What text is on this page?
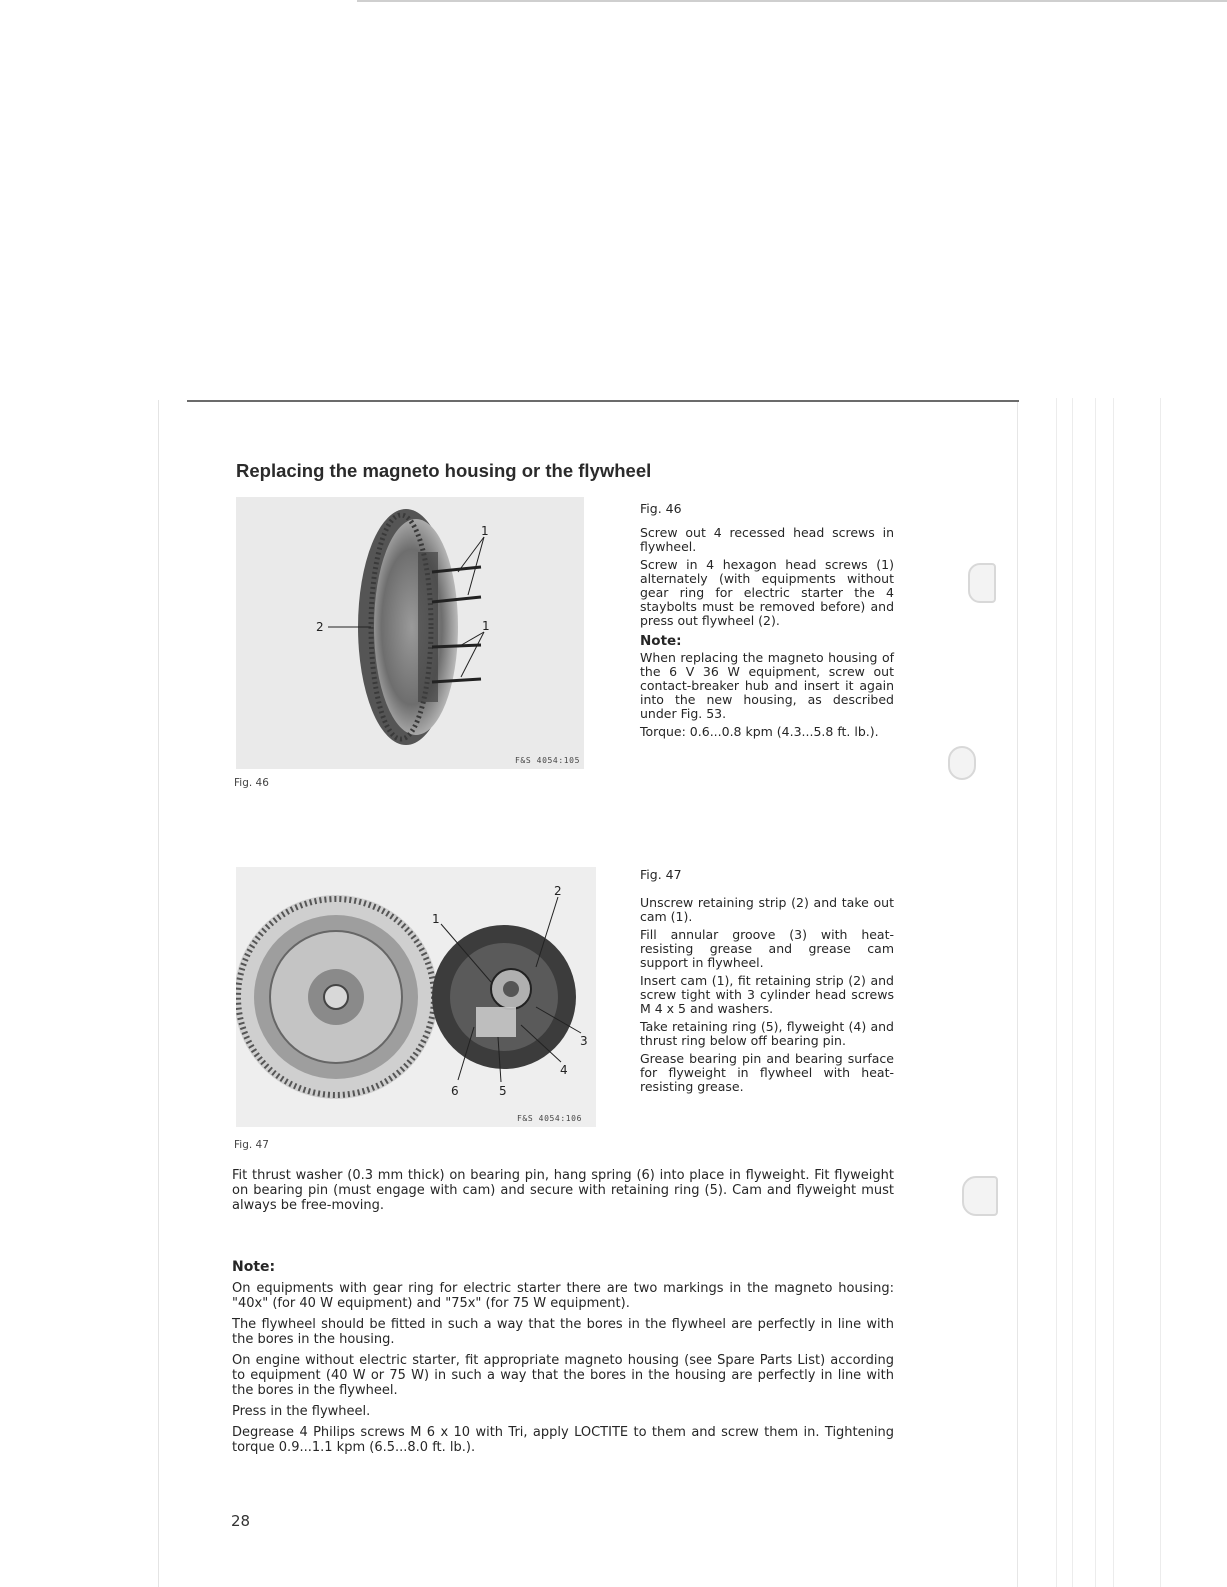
Replacing the magneto housing or the flywheel
1
2	1
F&S 4054:105

Fig. 46

Fig. 46

Screw out 4 recessed head screws in flywheel.

Screw in 4 hexagon head screws (1) alternately (with equipments without gear ring for electric starter the 4 staybolts must be removed before) and press out flywheel (2).

Note:

When replacing the magneto housing of the 6 V 36 W equipment, screw out contact-breaker hub and insert it again into the new housing, as described under Fig. 53.

Torque: 0.6...0.8 kpm (4.3...5.8 ft. lb.).

1
2
3
4
5
6
F&S 4054:106

Fig. 47

Fig. 47

Unscrew retaining strip (2) and take out cam (1).

Fill annular groove (3) with heat-resisting grease and grease cam support in flywheel.

Insert cam (1), fit retaining strip (2) and screw tight with 3 cylinder head screws M 4 x 5 and washers.

Take retaining ring (5), flyweight (4) and thrust ring below off bearing pin.

Grease bearing pin and bearing surface for flyweight in flywheel with heat-resisting grease.

Fit thrust washer (0.3 mm thick) on bearing pin, hang spring (6) into place in flyweight. Fit flyweight on bearing pin (must engage with cam) and secure with retaining ring (5). Cam and flyweight must always be free-moving.

Note:

On equipments with gear ring for electric starter there are two markings in the magneto housing: "40x" (for 40 W equipment) and "75x" (for 75 W equipment).

The flywheel should be fitted in such a way that the bores in the flywheel are perfectly in line with the bores in the housing.

On engine without electric starter, fit appropriate magneto housing (see Spare Parts List) according to equipment (40 W or 75 W) in such a way that the bores in the housing are perfectly in line with the bores in the flywheel.

Press in the flywheel.

Degrease 4 Philips screws M 6 x 10 with Tri, apply LOCTITE to them and screw them in. Tightening torque 0.9...1.1 kpm (6.5...8.0 ft. lb.).

28
